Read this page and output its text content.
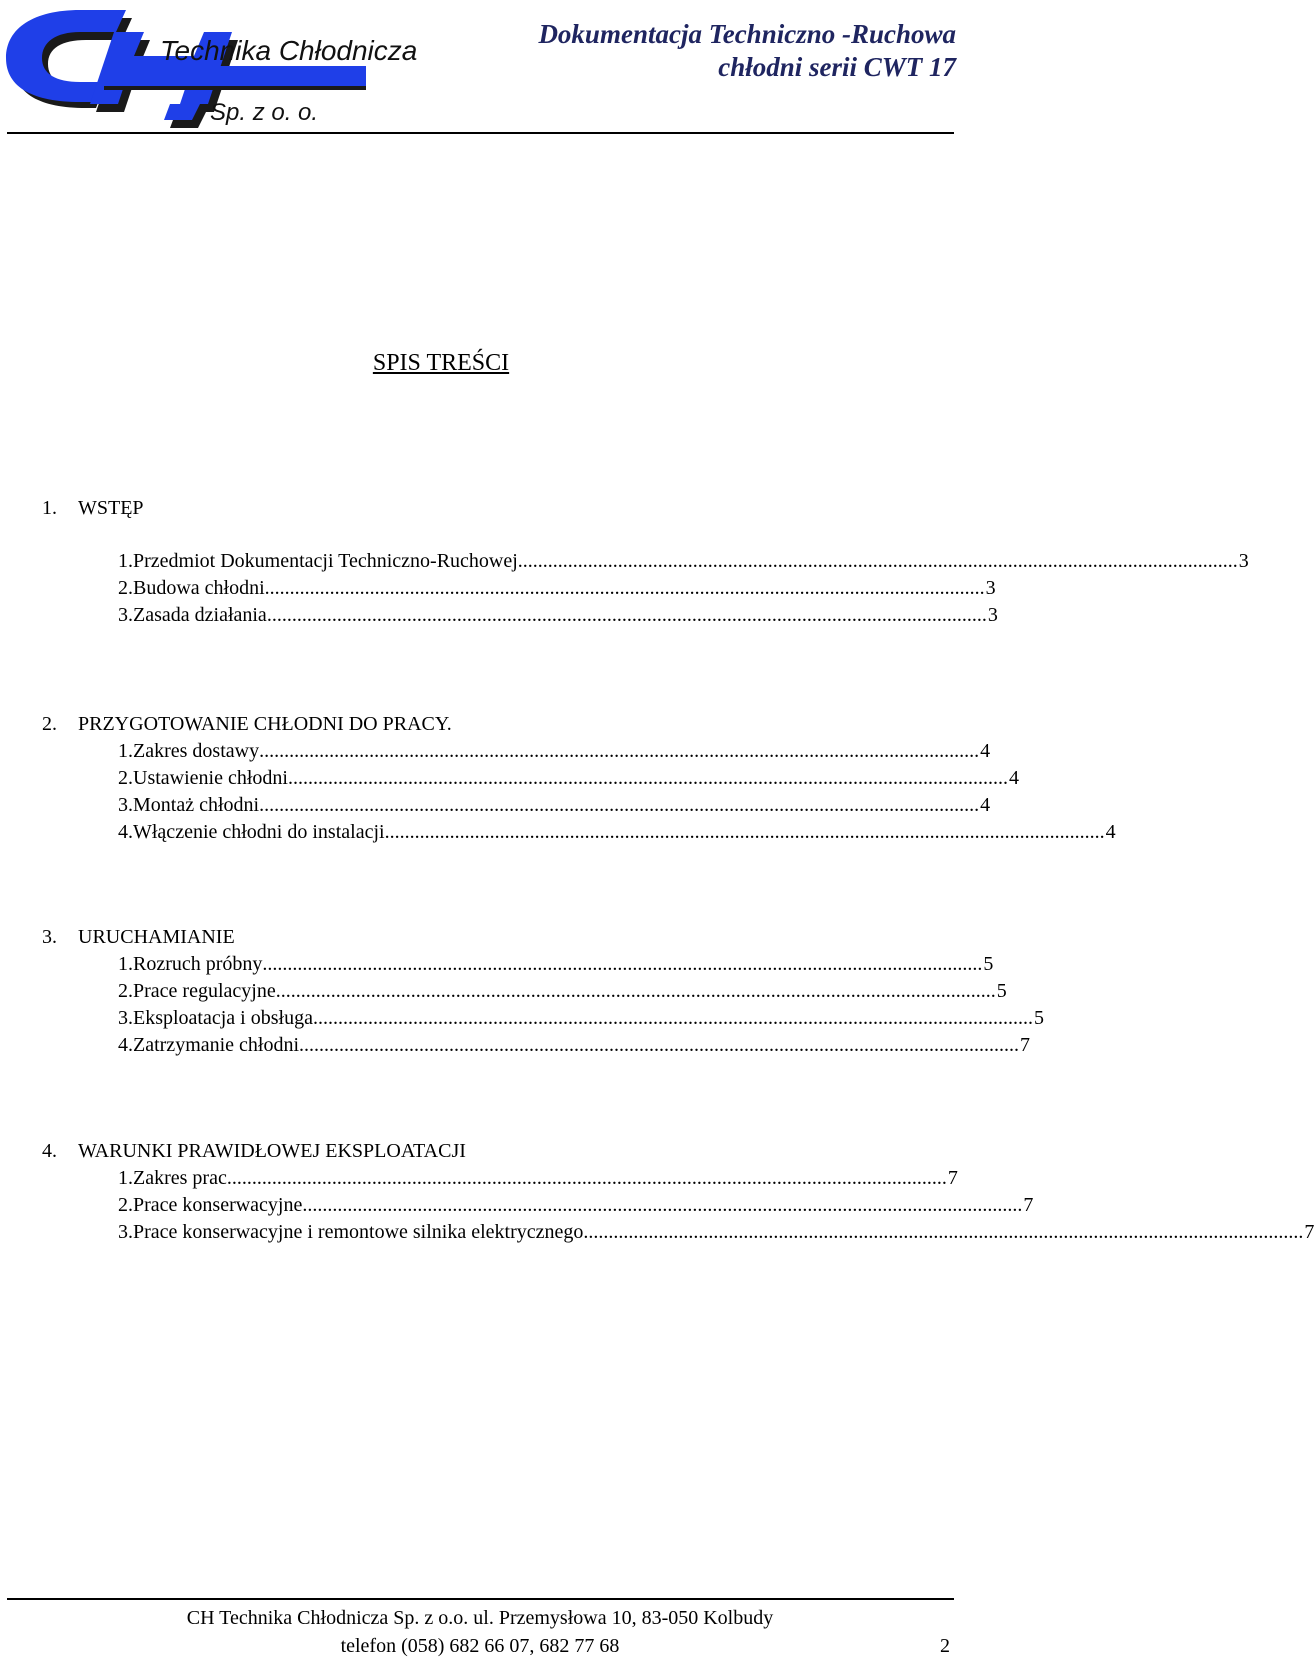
Technika Chłodnicza
Sp. z o. o.
Dokumentacja Techniczno -Ruchowa
chłodni serii CWT 17
SPIS TREŚCI
1. WSTĘP
1. Przedmiot Dokumentacji Techniczno-Ruchowej ................................................................................................................................................ 3
2. Budowa chłodni ................................................................................................................................................ 3
3. Zasada działania ................................................................................................................................................ 3
2. PRZYGOTOWANIE CHŁODNI DO PRACY.
1. Zakres dostawy ................................................................................................................................................ 4
2. Ustawienie chłodni ................................................................................................................................................ 4
3. Montaż chłodni ................................................................................................................................................ 4
4. Włączenie chłodni do instalacji ................................................................................................................................................ 4
3. URUCHAMIANIE
1. Rozruch próbny ................................................................................................................................................ 5
2. Prace regulacyjne ................................................................................................................................................ 5
3. Eksploatacja i obsługa ................................................................................................................................................ 5
4. Zatrzymanie chłodni ................................................................................................................................................ 7
4. WARUNKI PRAWIDŁOWEJ EKSPLOATACJI
1. Zakres prac ................................................................................................................................................ 7
2. Prace konserwacyjne ................................................................................................................................................ 7
3. Prace konserwacyjne i remontowe silnika elektrycznego ................................................................................................................................................ 7
CH Technika Chłodnicza Sp. z o.o. ul. Przemysłowa 10, 83-050 Kolbudy
telefon (058) 682 66 07, 682 77 68	2
